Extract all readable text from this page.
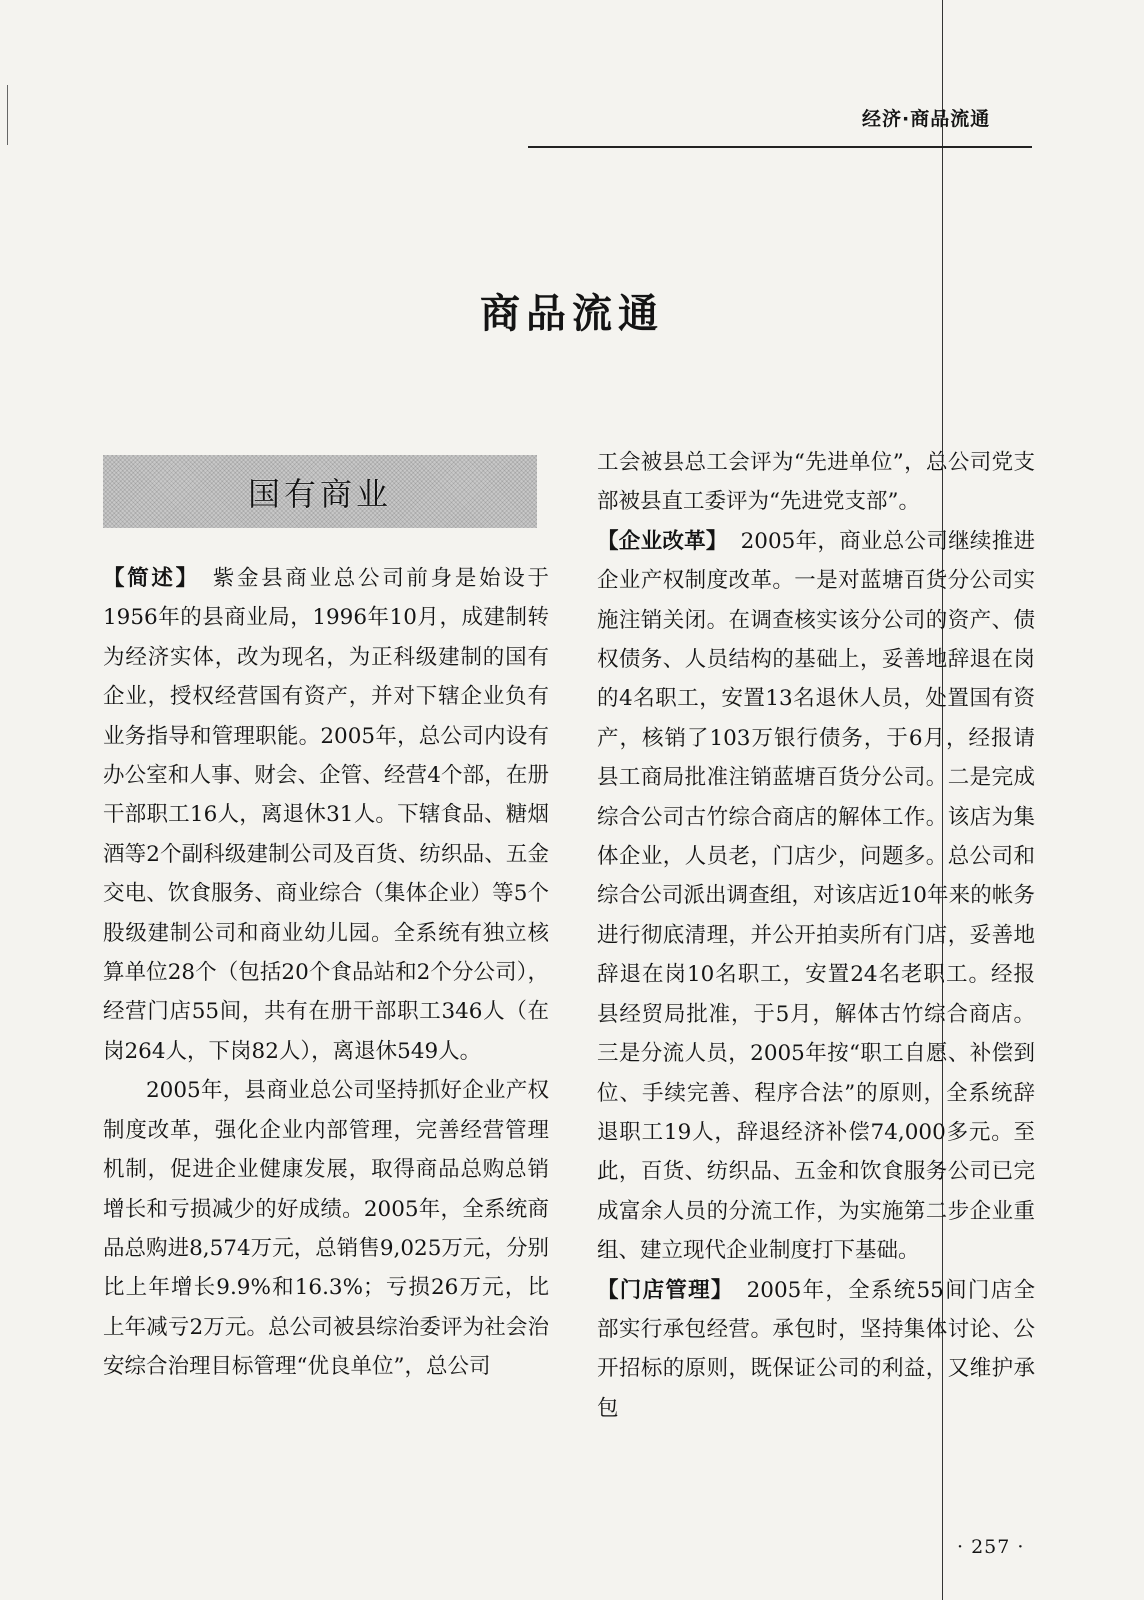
经济·商品流通
商品流通
国有商业

【简述】 紫金县商业总公司前身是始设于1956年的县商业局，1996年10月，成建制转为经济实体，改为现名，为正科级建制的国有企业，授权经营国有资产，并对下辖企业负有业务指导和管理职能。2005年，总公司内设有办公室和人事、财会、企管、经营4个部，在册干部职工16人，离退休31人。下辖食品、糖烟酒等2个副科级建制公司及百货、纺织品、五金交电、饮食服务、商业综合（集体企业）等5个股级建制公司和商业幼儿园。全系统有独立核算单位28个（包括20个食品站和2个分公司），经营门店55间，共有在册干部职工346人（在岗264人，下岗82人），离退休549人。

2005年，县商业总公司坚持抓好企业产权制度改革，强化企业内部管理，完善经营管理机制，促进企业健康发展，取得商品总购总销增长和亏损减少的好成绩。2005年，全系统商品总购进8,574万元，总销售9,025万元，分别比上年增长9.9%和16.3%；亏损26万元，比上年减亏2万元。总公司被县综治委评为社会治安综合治理目标管理“优良单位”，总公司

工会被县总工会评为“先进单位”，总公司党支部被县直工委评为“先进党支部”。

【企业改革】 2005年，商业总公司继续推进企业产权制度改革。一是对蓝塘百货分公司实施注销关闭。在调查核实该分公司的资产、债权债务、人员结构的基础上，妥善地辞退在岗的4名职工，安置13名退休人员，处置国有资产，核销了103万银行债务，于6月，经报请县工商局批准注销蓝塘百货分公司。二是完成综合公司古竹综合商店的解体工作。该店为集体企业，人员老，门店少，问题多。总公司和综合公司派出调查组，对该店近10年来的帐务进行彻底清理，并公开拍卖所有门店，妥善地辞退在岗10名职工，安置24名老职工。经报县经贸局批准，于5月，解体古竹综合商店。三是分流人员，2005年按“职工自愿、补偿到位、手续完善、程序合法”的原则，全系统辞退职工19人，辞退经济补偿74,000多元。至此，百货、纺织品、五金和饮食服务公司已完成富余人员的分流工作，为实施第二步企业重组、建立现代企业制度打下基础。

【门店管理】 2005年，全系统55间门店全部实行承包经营。承包时，坚持集体讨论、公开招标的原则，既保证公司的利益，又维护承包

· 257 ·
